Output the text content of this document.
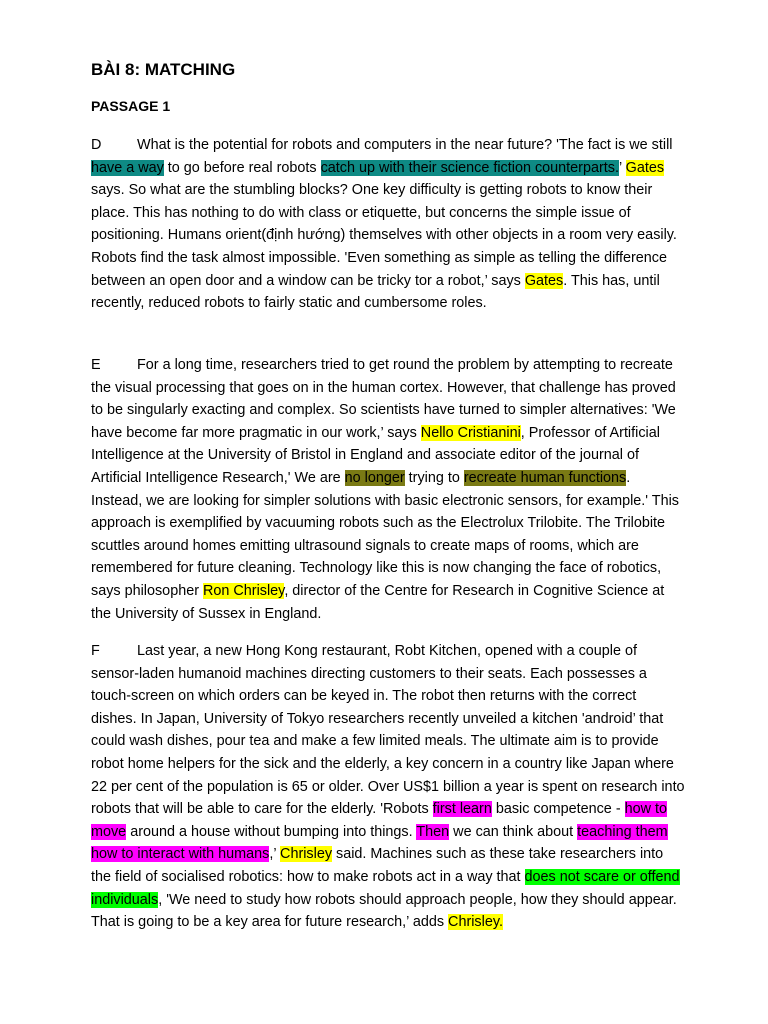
BÀI 8: MATCHING
PASSAGE 1

D What is the potential for robots and computers in the near future? 'The fact is we still have a way to go before real robots catch up with their science fiction counterparts.’ Gates says. So what are the stumbling blocks? One key difficulty is getting robots to know their place. This has nothing to do with class or etiquette, but concerns the simple issue of positioning. Humans orient(định hướng) themselves with other objects in a room very easily. Robots find the task almost impossible. 'Even something as simple as telling the difference between an open door and a window can be tricky tor a robot,’ says Gates. This has, until recently, reduced robots to fairly static and cumbersome roles.

E	For a long time, researchers tried to get round the problem by attempting to recreate the visual processing that goes on in the human cortex. However, that challenge has proved to be singularly exacting and complex. So scientists have turned to simpler alternatives: 'We have become far more pragmatic in our work,’ says Nello Cristianini, Professor of Artificial Intelligence at the University of Bristol in England and associate editor of the journal of Artificial Intelligence Research,' We are no longer trying to recreate human functions. Instead, we are looking for simpler solutions with basic electronic sensors, for example.' This approach is exemplified by vacuuming robots such as the Electrolux Trilobite. The Trilobite scuttles around homes emitting ultrasound signals to create maps of rooms, which are remembered for future cleaning. Technology like this is now changing the face of robotics, says philosopher Ron Chrisley, director of the Centre for Research in Cognitive Science at the University of Sussex in England.

F	Last year, a new Hong Kong restaurant, Robt Kitchen, opened with a couple of sensor-laden humanoid machines directing customers to their seats. Each possesses a touch-screen on which orders can be keyed in. The robot then returns with the correct dishes. In Japan, University of Tokyo researchers recently unveiled a kitchen 'android’ that could wash dishes, pour tea and make a few limited meals. The ultimate aim is to provide robot home helpers for the sick and the elderly, a key concern in a country like Japan where 22 per cent of the population is 65 or older. Over US$1 billion a year is spent on research into robots that will be able to care for the elderly. 'Robots first learn basic competence - how to move around a house without bumping into things. Then we can think about teaching them how to interact with humans,’ Chrisley said. Machines such as these take researchers into the field of socialised robotics: how to make robots act in a way that does not scare or offend individuals, 'We need to study how robots should approach people, how they should appear. That is going to be a key area for future research,’ adds Chrisley.
